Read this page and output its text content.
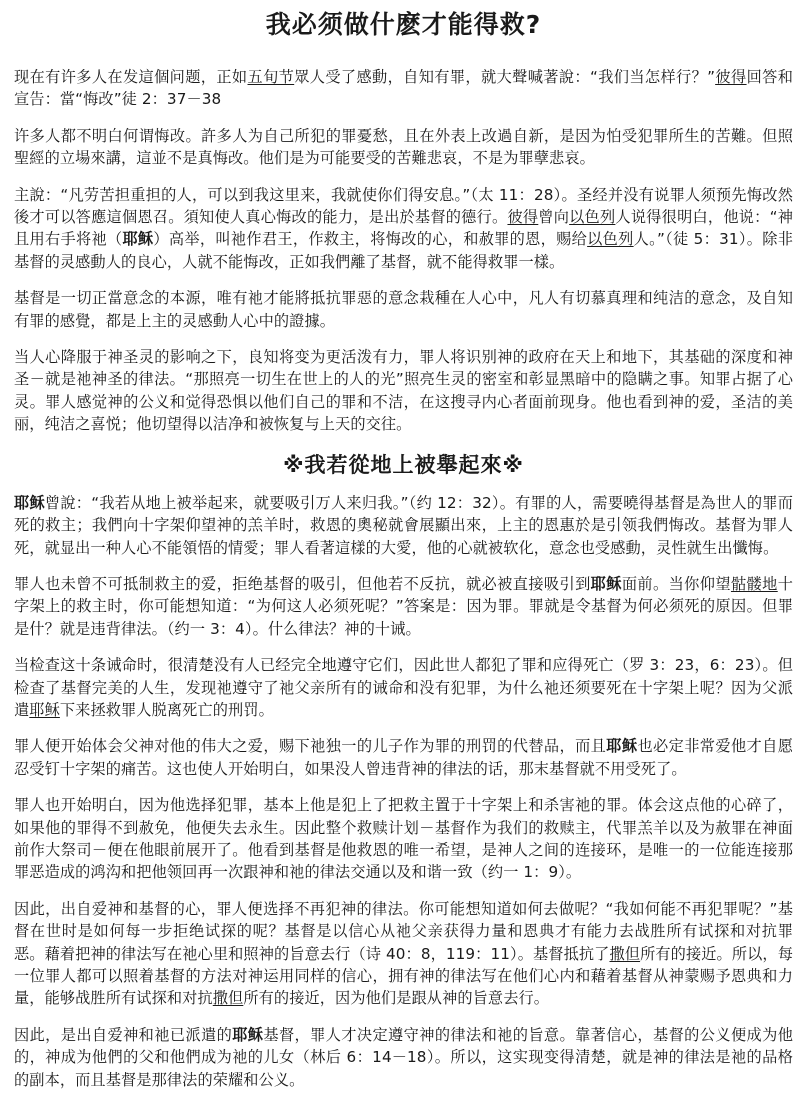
我必须做什麽才能得救?

现在有许多人在发這個问题，正如五旬节眾人受了感動，自知有罪，就大聲喊著說：“我们当怎样行？”彼得回答和宣告：當“悔改”徒 2：37－38

许多人都不明白何谓悔改。許多人为自己所犯的罪憂愁，且在外表上改過自新，是因为怕受犯罪所生的苦難。但照聖經的立場來講，這並不是真悔改。他们是为可能要受的苦難悲哀，不是为罪孽悲哀。

主說：“凡劳苦担重担的人，可以到我这里来，我就使你们得安息。”（太 11：28）。圣经并没有说罪人须预先悔改然後才可以答應這個恩召。須知使人真心悔改的能力，是出於基督的德行。彼得曾向以色列人说得很明白，他说：“神且用右手将祂（耶稣）高举，叫祂作君王，作救主，将悔改的心，和赦罪的恩，赐给以色列人。”（徒 5：31）。除非基督的灵感動人的良心，人就不能悔改，正如我們離了基督，就不能得救罪一樣。

基督是一切正當意念的本源，唯有祂才能將抵抗罪惡的意念栽種在人心中，凡人有切慕真理和纯洁的意念，及自知有罪的感覺，都是上主的灵感動人心中的證據。

当人心降服于神圣灵的影响之下，良知将变为更活泼有力，罪人将识别神的政府在天上和地下，其基础的深度和神圣－就是祂神圣的律法。“那照亮一切生在世上的人的光”照亮生灵的密室和彰显黑暗中的隐瞒之事。知罪占据了心灵。罪人感觉神的公义和觉得恐惧以他们自己的罪和不洁，在这搜寻内心者面前现身。他也看到神的爱，圣洁的美丽，纯洁之喜悦；他切望得以洁净和被恢复与上天的交往。

※我若從地上被舉起來※

耶稣曾說：“我若从地上被举起来，就要吸引万人来归我。”（约 12：32）。有罪的人，需要曉得基督是為世人的罪而死的救主；我們向十字架仰望神的羔羊时，救恩的奧秘就會展顯出來，上主的恩惠於是引领我們悔改。基督为罪人死，就显出一种人心不能領悟的情愛；罪人看著這樣的大愛，他的心就被软化，意念也受感動，灵性就生出懺悔。

罪人也未曾不可抵制救主的爱，拒绝基督的吸引，但他若不反抗，就必被直接吸引到耶稣面前。当你仰望骷髅地十字架上的救主时，你可能想知道：“为何这人必须死呢？”答案是：因为罪。罪就是令基督为何必须死的原因。但罪是什？就是违背律法。（约一 3：4）。什么律法？神的十诫。

当检查这十条诫命时，很清楚没有人已经完全地遵守它们，因此世人都犯了罪和应得死亡（罗 3：23，6：23）。但检查了基督完美的人生，发现祂遵守了祂父亲所有的诫命和没有犯罪，为什么祂还须要死在十字架上呢？因为父派遣耶稣下来拯救罪人脱离死亡的刑罚。

罪人便开始体会父神对他的伟大之爱，赐下祂独一的儿子作为罪的刑罚的代替品，而且耶稣也必定非常爱他才自愿忍受钉十字架的痛苦。这也使人开始明白，如果没人曾违背神的律法的话，那末基督就不用受死了。

罪人也开始明白，因为他选择犯罪，基本上他是犯上了把救主置于十字架上和杀害祂的罪。体会这点他的心碎了，如果他的罪得不到赦免，他便失去永生。因此整个救赎计划－基督作为我们的救赎主，代罪羔羊以及为赦罪在神面前作大祭司－便在他眼前展开了。他看到基督是他救恩的唯一希望，是神人之间的连接环，是唯一的一位能连接那罪恶造成的鸿沟和把他领回再一次跟神和祂的律法交通以及和谐一致（约一 1：9）。

因此，出自爱神和基督的心，罪人便选择不再犯神的律法。你可能想知道如何去做呢？“我如何能不再犯罪呢？”基督在世时是如何每一步拒绝试探的呢？基督是以信心从祂父亲获得力量和恩典才有能力去战胜所有试探和对抗罪恶。藉着把神的律法写在祂心里和照神的旨意去行（诗 40：8，119：11）。基督抵抗了撒但所有的接近。所以，每一位罪人都可以照着基督的方法对神运用同样的信心，拥有神的律法写在他们心内和藉着基督从神蒙赐予恩典和力量，能够战胜所有试探和对抗撒但所有的接近，因为他们是跟从神的旨意去行。

因此，是出自爱神和祂已派遣的耶稣基督，罪人才决定遵守神的律法和祂的旨意。靠著信心，基督的公义便成为他的，神成为他們的父和他們成为祂的儿女（林后 6：14－18）。所以，这实现变得清楚，就是神的律法是祂的品格的副本，而且基督是那律法的荣耀和公义。
